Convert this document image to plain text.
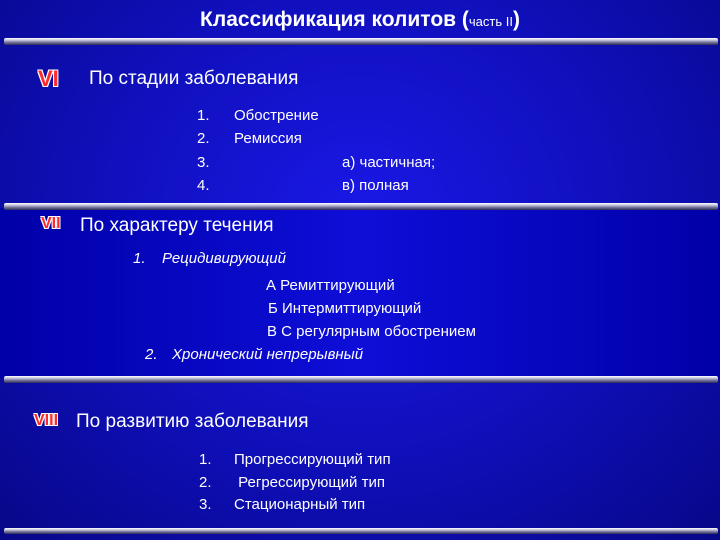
Классификация колитов (часть II)
VI По стадии заболевания
1. Обострение
2. Ремиссия
3.	а) частичная;
4.	в) полная
VII По характеру течения
1. Рецидивирующий
А Ремиттирующий
Б Интермиттирующий
В С регулярным обострением
2. Хронический непрерывный
VIII По развитию заболевания
1. Прогрессирующий тип
2. Регрессирующий тип
3. Стационарный тип
